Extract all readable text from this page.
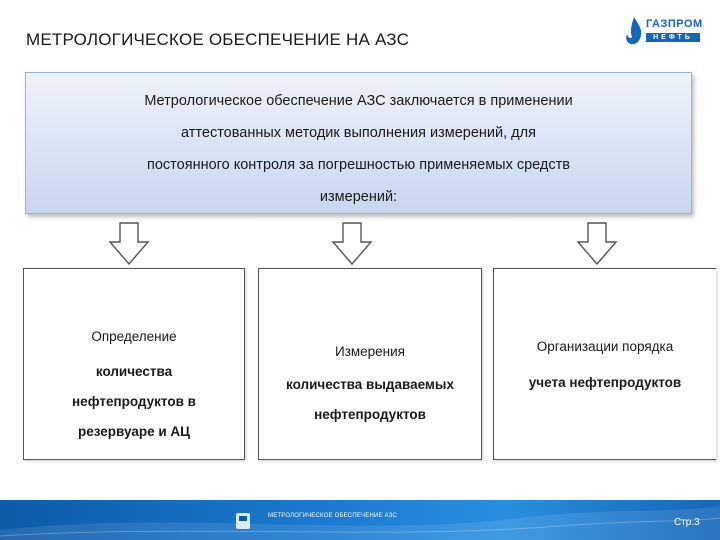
МЕТРОЛОГИЧЕСКОЕ ОБЕСПЕЧЕНИЕ НА АЗС
ГАЗПРОМ
НЕФТЬ
Метрологическое обеспечение АЗС заключается в применении
аттестованных методик выполнения измерений, для
постоянного контроля за погрешностью применяемых средств
измерений:
Определение
количества
нефтепродуктов в
резервуаре и АЦ
Измерения
количества выдаваемых
нефтепродуктов
Организации порядка
учета нефтепродуктов
МЕТРОЛОГИЧЕСКОЕ ОБЕСПЕЧЕНИЕ АЗС
Стр.3
